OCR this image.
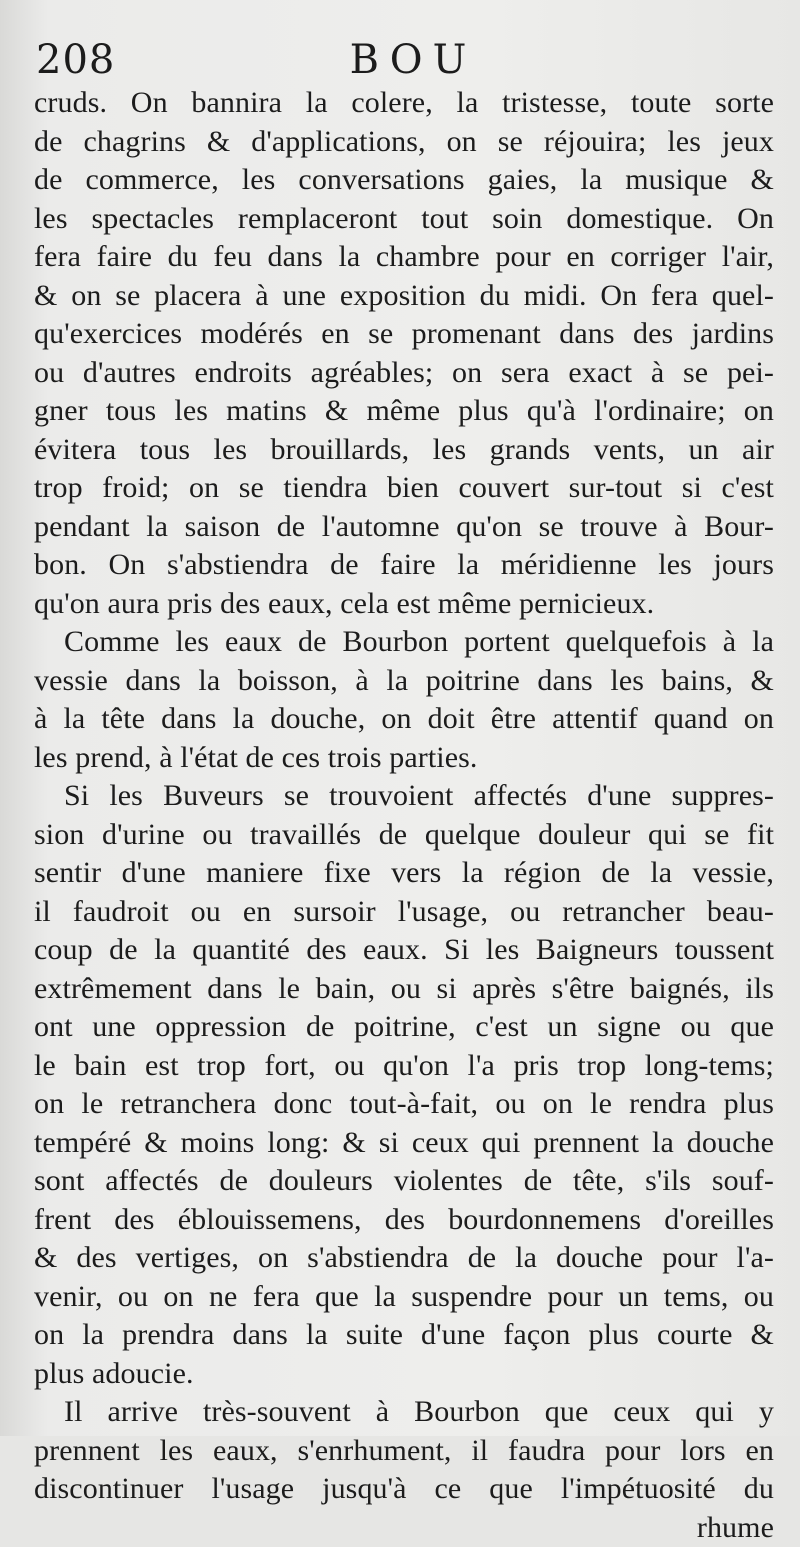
208	BOU
cruds. On bannira la colere, la tristesse, toute sorte
de chagrins & d'applications, on se réjouira; les jeux
de commerce, les conversations gaies, la musique &
les spectacles remplaceront tout soin domestique. On
fera faire du feu dans la chambre pour en corriger l'air,
& on se placera à une exposition du midi. On fera quel-
qu'exercices modérés en se promenant dans des jardins
ou d'autres endroits agréables; on sera exact à se pei-
gner tous les matins & même plus qu'à l'ordinaire; on
évitera tous les brouillards, les grands vents, un air
trop froid; on se tiendra bien couvert sur-tout si c'est
pendant la saison de l'automne qu'on se trouve à Bour-
bon. On s'abstiendra de faire la méridienne les jours
qu'on aura pris des eaux, cela est même pernicieux.
Comme les eaux de Bourbon portent quelquefois à la
vessie dans la boisson, à la poitrine dans les bains, &
à la tête dans la douche, on doit être attentif quand on
les prend, à l'état de ces trois parties.
Si les Buveurs se trouvoient affectés d'une suppres-
sion d'urine ou travaillés de quelque douleur qui se fit
sentir d'une maniere fixe vers la région de la vessie,
il faudroit ou en sursoir l'usage, ou retrancher beau-
coup de la quantité des eaux. Si les Baigneurs toussent
extrêmement dans le bain, ou si après s'être baignés, ils
ont une oppression de poitrine, c'est un signe ou que
le bain est trop fort, ou qu'on l'a pris trop long-tems;
on le retranchera donc tout-à-fait, ou on le rendra plus
tempéré & moins long: & si ceux qui prennent la douche
sont affectés de douleurs violentes de tête, s'ils souf-
frent des éblouissemens, des bourdonnemens d'oreilles
& des vertiges, on s'abstiendra de la douche pour l'a-
venir, ou on ne fera que la suspendre pour un tems, ou
on la prendra dans la suite d'une façon plus courte &
plus adoucie.
Il arrive très-souvent à Bourbon que ceux qui y
prennent les eaux, s'enrhument, il faudra pour lors en
discontinuer l'usage jusqu'à ce que l'impétuosité du
rhume
